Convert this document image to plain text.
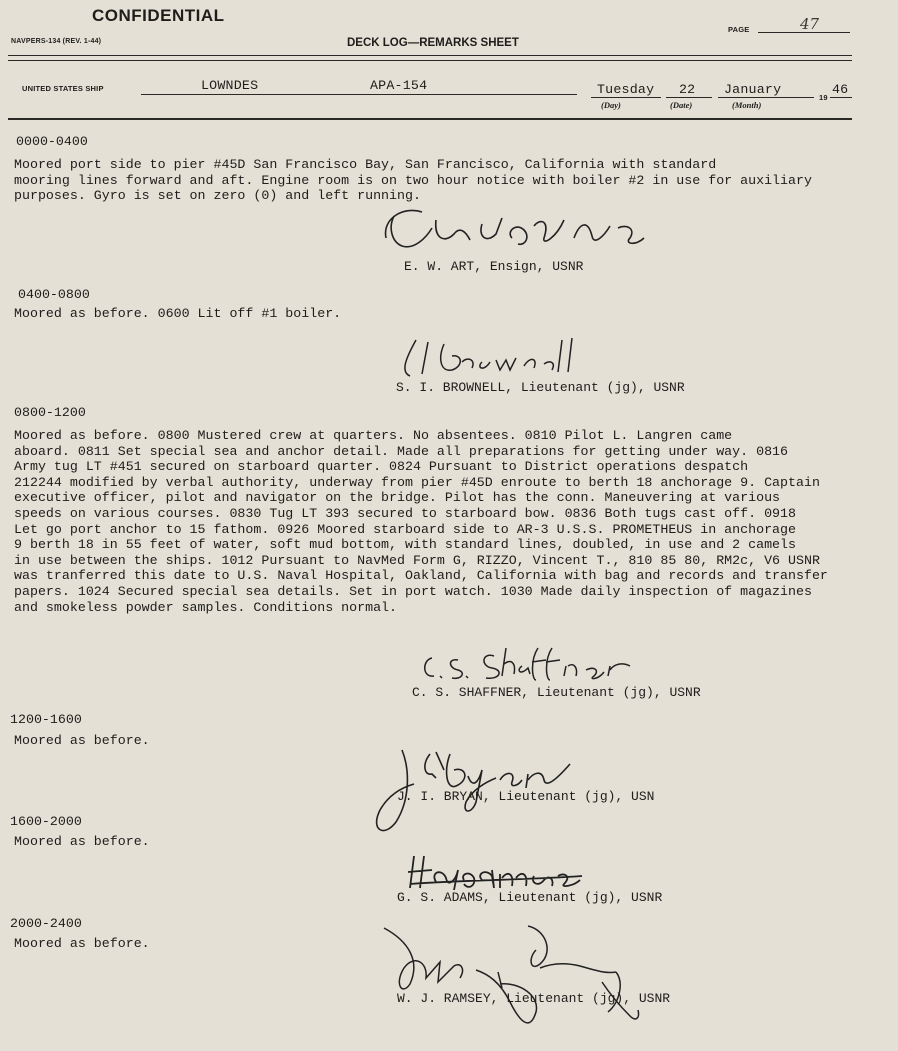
CONFIDENTIAL
NAVPERS-134 (REV. 1-44)	DECK LOG—REMARKS SHEET
PAGE	47
UNITED STATES SHIP	LOWNDES	APA-154	Tuesday
(Day)
22
(Date)
January
(Month)
19
46
0000-0400
Moored port side to pier #45D San Francisco Bay, San Francisco, California with standard
mooring lines forward and aft. Engine room is on two hour notice with boiler #2 in use for auxiliary
purposes. Gyro is set on zero (0) and left running.
E. W. ART, Ensign, USNR
0400-0800
Moored as before. 0600 Lit off #1 boiler.
S. I. BROWNELL, Lieutenant (jg), USNR
0800-1200
Moored as before. 0800 Mustered crew at quarters. No absentees. 0810 Pilot L. Langren came
aboard. 0811 Set special sea and anchor detail. Made all preparations for getting under way. 0816
Army tug LT #451 secured on starboard quarter. 0824 Pursuant to District operations despatch
212244 modified by verbal authority, underway from pier #45D enroute to berth 18 anchorage 9. Captain
executive officer, pilot and navigator on the bridge. Pilot has the conn. Maneuvering at various
speeds on various courses. 0830 Tug LT 393 secured to starboard bow. 0836 Both tugs cast off. 0918
Let go port anchor to 15 fathom. 0926 Moored starboard side to AR-3 U.S.S. PROMETHEUS in anchorage
9 berth 18 in 55 feet of water, soft mud bottom, with standard lines, doubled, in use and 2 camels
in use between the ships. 1012 Pursuant to NavMed Form G, RIZZO, Vincent T., 810 85 80, RM2c, V6 USNR
was tranferred this date to U.S. Naval Hospital, Oakland, California with bag and records and transfer
papers. 1024 Secured special sea details. Set in port watch. 1030 Made daily inspection of magazines
and smokeless powder samples. Conditions normal.
C. S. SHAFFNER, Lieutenant (jg), USNR
1200-1600
Moored as before.
J. I. BRYAN, Lieutenant (jg), USN
1600-2000
Moored as before.
G. S. ADAMS, Lieutenant (jg), USNR
2000-2400
Moored as before.
W. J. RAMSEY, Lieutenant (jg), USNR
